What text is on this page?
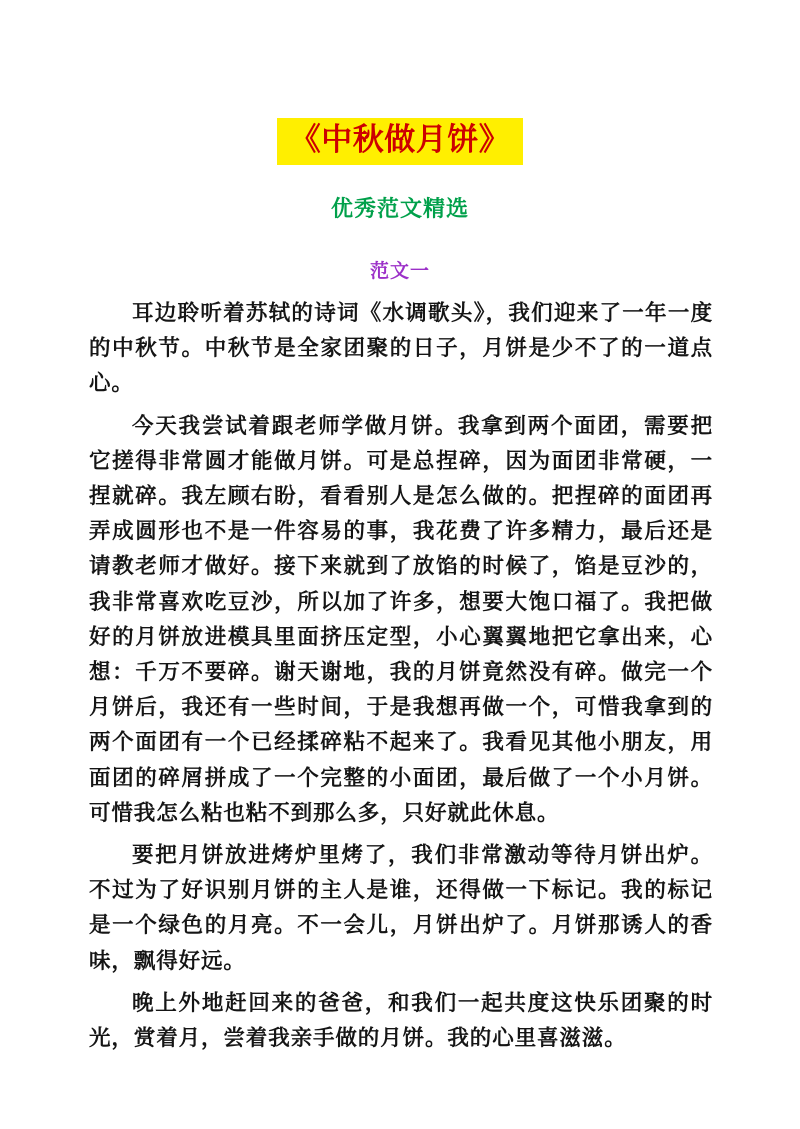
《中秋做月饼》
优秀范文精选
范文一

耳边聆听着苏轼的诗词《水调歌头》，我们迎来了一年一度的中秋节。中秋节是全家团聚的日子，月饼是少不了的一道点心。

今天我尝试着跟老师学做月饼。我拿到两个面团，需要把它搓得非常圆才能做月饼。可是总捏碎，因为面团非常硬，一捏就碎。我左顾右盼，看看别人是怎么做的。把捏碎的面团再弄成圆形也不是一件容易的事，我花费了许多精力，最后还是请教老师才做好。接下来就到了放馅的时候了，馅是豆沙的，我非常喜欢吃豆沙，所以加了许多，想要大饱口福了。我把做好的月饼放进模具里面挤压定型，小心翼翼地把它拿出来，心想：千万不要碎。谢天谢地，我的月饼竟然没有碎。做完一个月饼后，我还有一些时间，于是我想再做一个，可惜我拿到的两个面团有一个已经揉碎粘不起来了。我看见其他小朋友，用面团的碎屑拼成了一个完整的小面团，最后做了一个小月饼。可惜我怎么粘也粘不到那么多，只好就此休息。

要把月饼放进烤炉里烤了，我们非常激动等待月饼出炉。不过为了好识别月饼的主人是谁，还得做一下标记。我的标记是一个绿色的月亮。不一会儿，月饼出炉了。月饼那诱人的香味，飘得好远。

晚上外地赶回来的爸爸，和我们一起共度这快乐团聚的时光，赏着月，尝着我亲手做的月饼。我的心里喜滋滋。
